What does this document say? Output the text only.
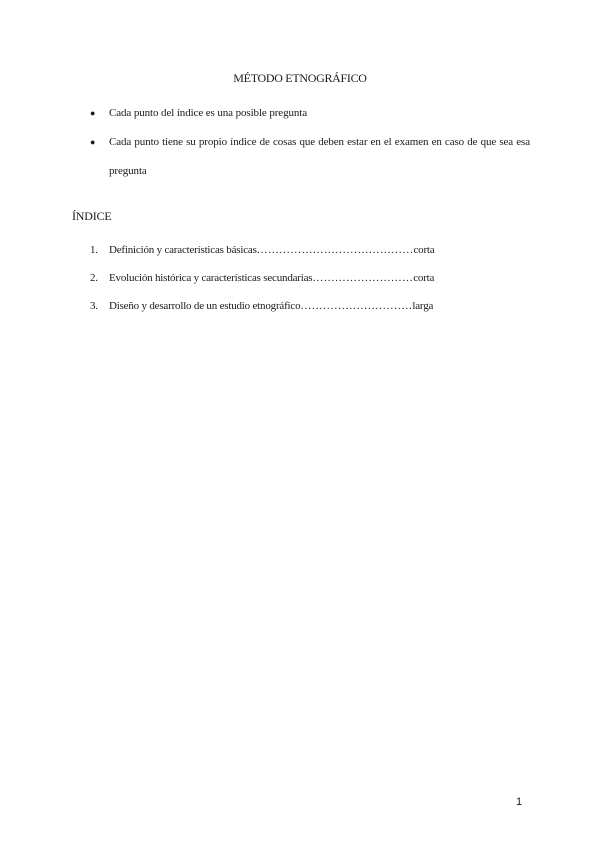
MÉTODO ETNOGRÁFICO
● Cada punto del índice es una posible pregunta
● Cada punto tiene su propio índice de cosas que deben estar en el examen en caso de que sea esa pregunta
ÍNDICE
1. Definición y características básicas……………………………………corta
2. Evolución histórica y características secundarias………………………corta
3. Diseño y desarrollo de un estudio etnográfico…………………………larga
1
